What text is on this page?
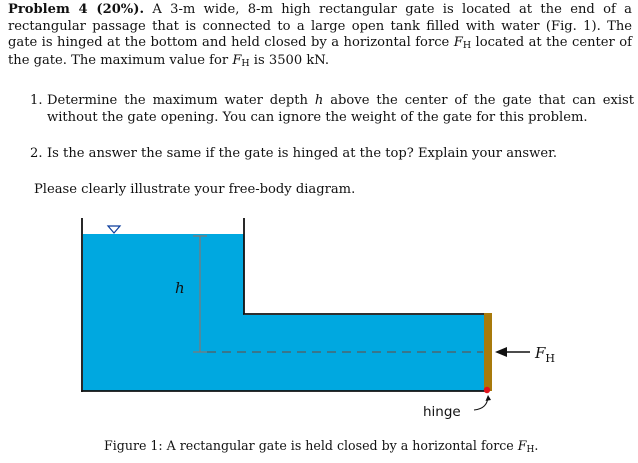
Problem 4 (20%). A 3-m wide, 8-m high rectangular gate is located at the end of a rectangular passage that is connected to a large open tank filled with water (Fig. 1). The gate is hinged at the bottom and held closed by a horizontal force FH located at the center of the gate. The maximum value for FH is 3500 kN.

1. Determine the maximum water depth h above the center of the gate that can exist without the gate opening. You can ignore the weight of the gate for this problem.
2. Is the answer the same if the gate is hinged at the top? Explain your answer.

Please clearly illustrate your free-body diagram.

h
$F_H$
hinge

Figure 1: A rectangular gate is held closed by a horizontal force FH.
